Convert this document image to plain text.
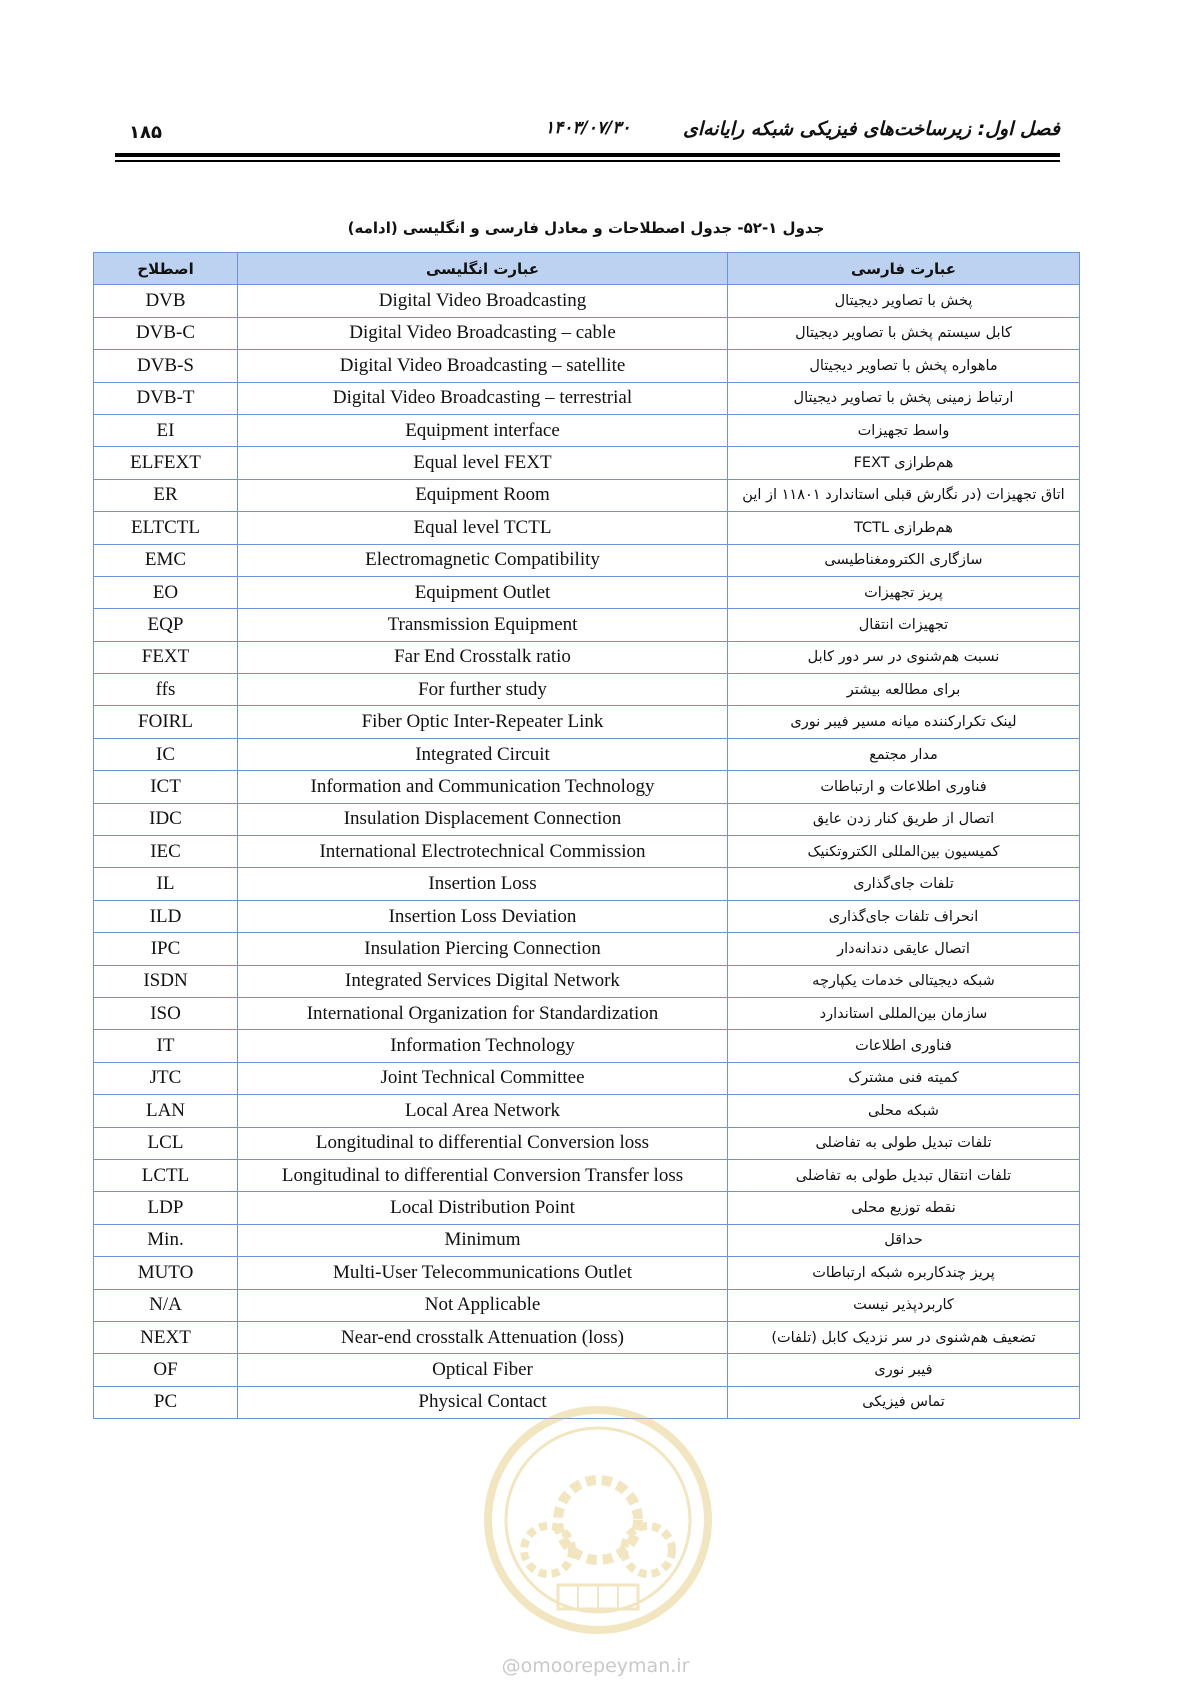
فصل اول: زیرساخت‌های فیزیکی شبکه رایانه‌ای
۱۴۰۳/۰۷/۳۰
۱۸۵
جدول ۱-۵۲- جدول اصطلاحات و معادل فارسی و انگلیسی (ادامه)
اصطلاح	عبارت انگلیسی	عبارت فارسی
DVB	Digital Video Broadcasting	پخش با تصاویر دیجیتال
DVB-C	Digital Video Broadcasting – cable	کابل سیستم پخش با تصاویر دیجیتال
DVB-S	Digital Video Broadcasting – satellite	ماهواره پخش با تصاویر دیجیتال
DVB-T	Digital Video Broadcasting – terrestrial	ارتباط زمینی پخش با تصاویر دیجیتال
EI	Equipment interface	واسط تجهیزات
ELFEXT	Equal level FEXT	هم‌طرازی FEXT
ER	Equipment Room	اتاق تجهیزات (در نگارش قبلی استاندارد ۱۱۸۰۱ از این
ELTCTL	Equal level TCTL	هم‌طرازی TCTL
EMC	Electromagnetic Compatibility	سازگاری الکترومغناطیسی
EO	Equipment Outlet	پریز تجهیزات
EQP	Transmission Equipment	تجهیزات انتقال
FEXT	Far End Crosstalk ratio	نسبت هم‌شنوی در سر دور کابل
ffs	For further study	برای مطالعه بیشتر
FOIRL	Fiber Optic Inter-Repeater Link	لینک تکرارکننده میانه مسیر فیبر نوری
IC	Integrated Circuit	مدار مجتمع
ICT	Information and Communication Technology	فناوری اطلاعات و ارتباطات
IDC	Insulation Displacement Connection	اتصال از طریق کنار زدن عایق
IEC	International Electrotechnical Commission	کمیسیون بین‌المللی الکتروتکنیک
IL	Insertion Loss	تلفات جای‌گذاری
ILD	Insertion Loss Deviation	انحراف تلفات جای‌گذاری
IPC	Insulation Piercing Connection	اتصال عایقی دندانه‌دار
ISDN	Integrated Services Digital Network	شبکه دیجیتالی خدمات یکپارچه
ISO	International Organization for Standardization	سازمان بین‌المللی استاندارد
IT	Information Technology	فناوری اطلاعات
JTC	Joint Technical Committee	کمیته فنی مشترک
LAN	Local Area Network	شبکه محلی
LCL	Longitudinal to differential Conversion loss	تلفات تبدیل طولی به تفاضلی
LCTL	Longitudinal to differential Conversion Transfer loss	تلفات انتقال تبدیل طولی به تفاضلی
LDP	Local Distribution Point	نقطه توزیع محلی
Min.	Minimum	حداقل
MUTO	Multi-User Telecommunications Outlet	پریز چندکاربره شبکه ارتباطات
N/A	Not Applicable	کاربردپذیر نیست
NEXT	Near-end crosstalk Attenuation (loss)	تضعیف هم‌شنوی در سر نزدیک کابل (تلفات)
OF	Optical Fiber	فیبر نوری
PC	Physical Contact	تماس فیزیکی
@omoorepeyman.ir
